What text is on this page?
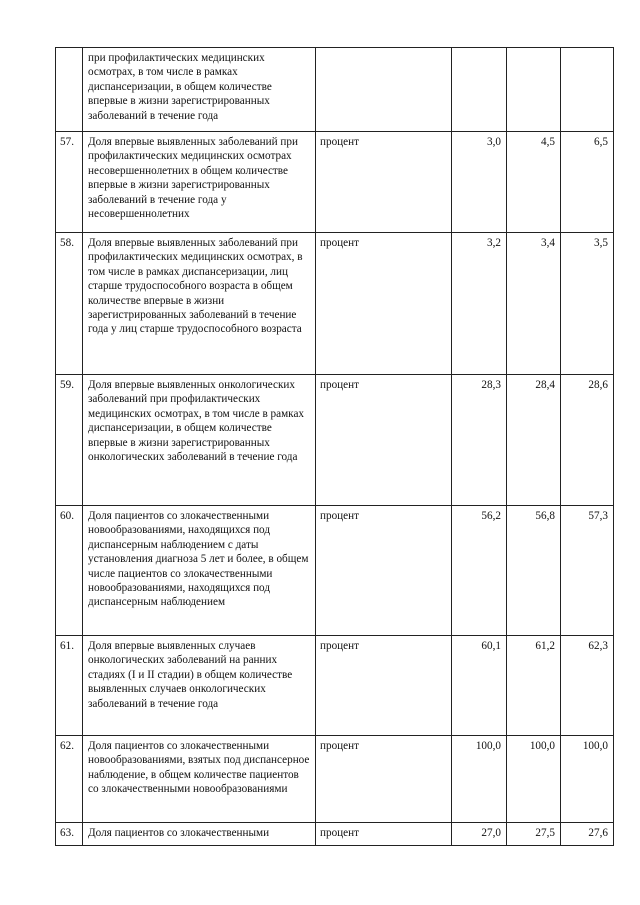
	при профилактических медицинских осмотрах, в том числе в рамках диспансеризации, в общем количестве впервые в жизни зарегистрированных заболеваний в течение года				
57.	Доля впервые выявленных заболеваний при профилактических медицинских осмотрах несовершеннолетних в общем количестве впервые в жизни зарегистрированных заболеваний в течение года у несовершеннолетних	процент	3,0	4,5	6,5
58.	Доля впервые выявленных заболеваний при профилактических медицинских осмотрах, в том числе в рамках диспансеризации, лиц старше трудоспособного возраста в общем количестве впервые в жизни зарегистрированных заболеваний в течение года у лиц старше трудоспособного возраста	процент	3,2	3,4	3,5
59.	Доля впервые выявленных онкологических заболеваний при профилактических медицинских осмотрах, в том числе в рамках диспансеризации, в общем количестве впервые в жизни зарегистрированных онкологических заболеваний в течение года	процент	28,3	28,4	28,6
60.	Доля пациентов со злокачественными новообразованиями, находящихся под диспансерным наблюдением с даты установления диагноза 5 лет и более, в общем числе пациентов со злокачественными новообразованиями, находящихся под диспансерным наблюдением	процент	56,2	56,8	57,3
61.	Доля впервые выявленных случаев онкологических заболеваний на ранних стадиях (I и II стадии) в общем количестве выявленных случаев онкологических заболеваний в течение года	процент	60,1	61,2	62,3
62.	Доля пациентов со злокачественными новообразованиями, взятых под диспансерное наблюдение, в общем количестве пациентов со злокачественными новообразованиями	процент	100,0	100,0	100,0
63.	Доля пациентов со злокачественными	процент	27,0	27,5	27,6
